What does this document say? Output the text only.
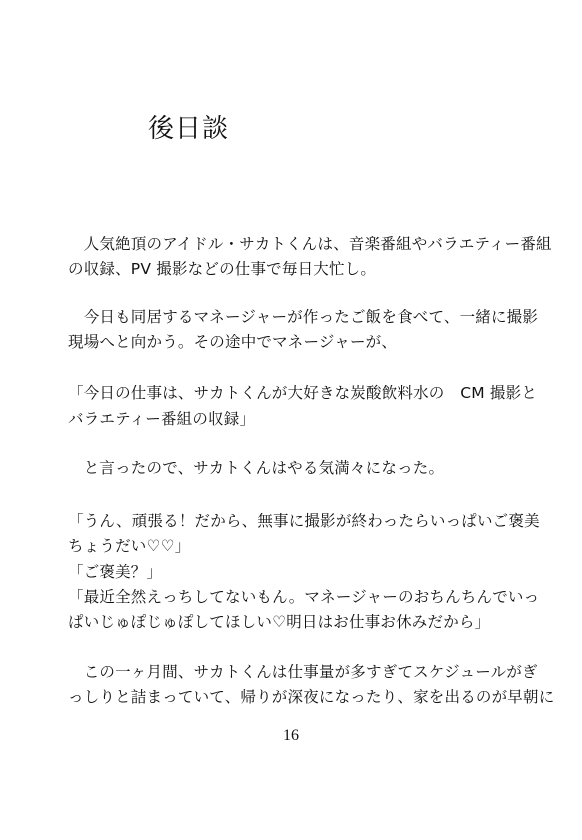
後日談
　人気絶頂のアイドル・サカトくんは、音楽番組やバラエティー番組
の収録、PV 撮影などの仕事で毎日大忙し。
　今日も同居するマネージャーが作ったご飯を食べて、一緒に撮影
現場へと向かう。その途中でマネージャーが、
「今日の仕事は、サカトくんが大好きな炭酸飲料水の　CM 撮影と
バラエティー番組の収録」
　と言ったので、サカトくんはやる気満々になった。
「うん、頑張る！だから、無事に撮影が終わったらいっぱいご褒美
ちょうだい♡♡」
「ご褒美？」
「最近全然えっちしてないもん。マネージャーのおちんちんでいっ
ぱいじゅぽじゅぽしてほしい♡明日はお仕事お休みだから」
　この一ヶ月間、サカトくんは仕事量が多すぎてスケジュールがぎ
っしりと詰まっていて、帰りが深夜になったり、家を出るのが早朝に
16
